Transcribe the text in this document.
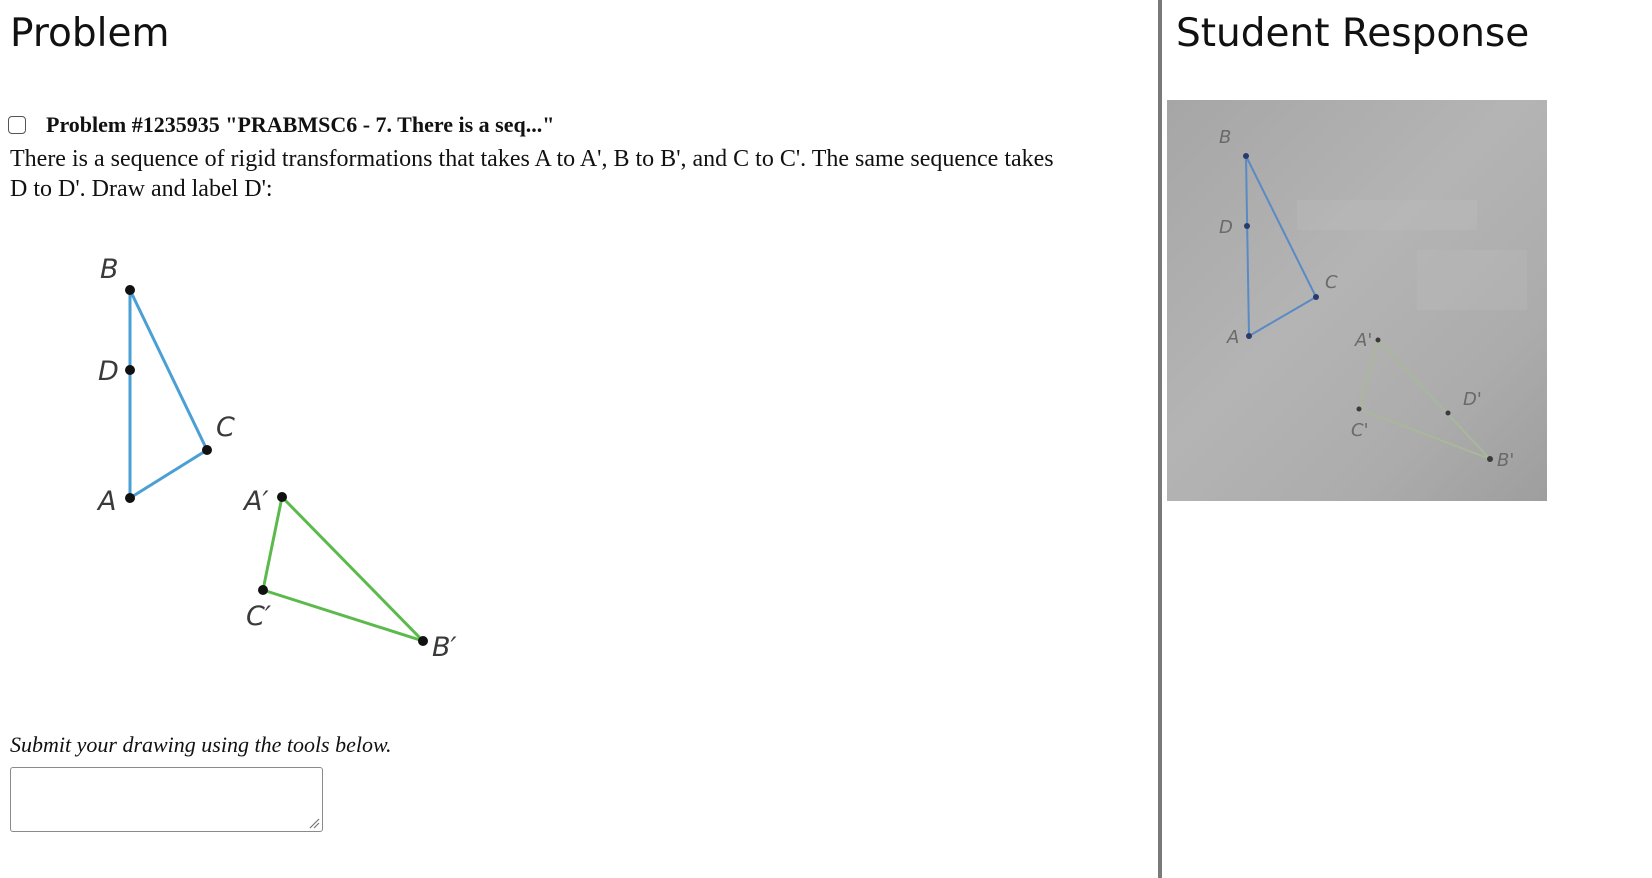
Problem
Problem #1235935 "PRABMSC6 - 7. There is a seq..."

There is a sequence of rigid transformations that takes A to A', B to B', and C to C'. The same sequence takes D to D'. Draw and label D':

B
D
C
A	A′
C′
B′
Submit your drawing using the tools below.
Student Response
B
D
C
A	A'
C'
D'
B'
